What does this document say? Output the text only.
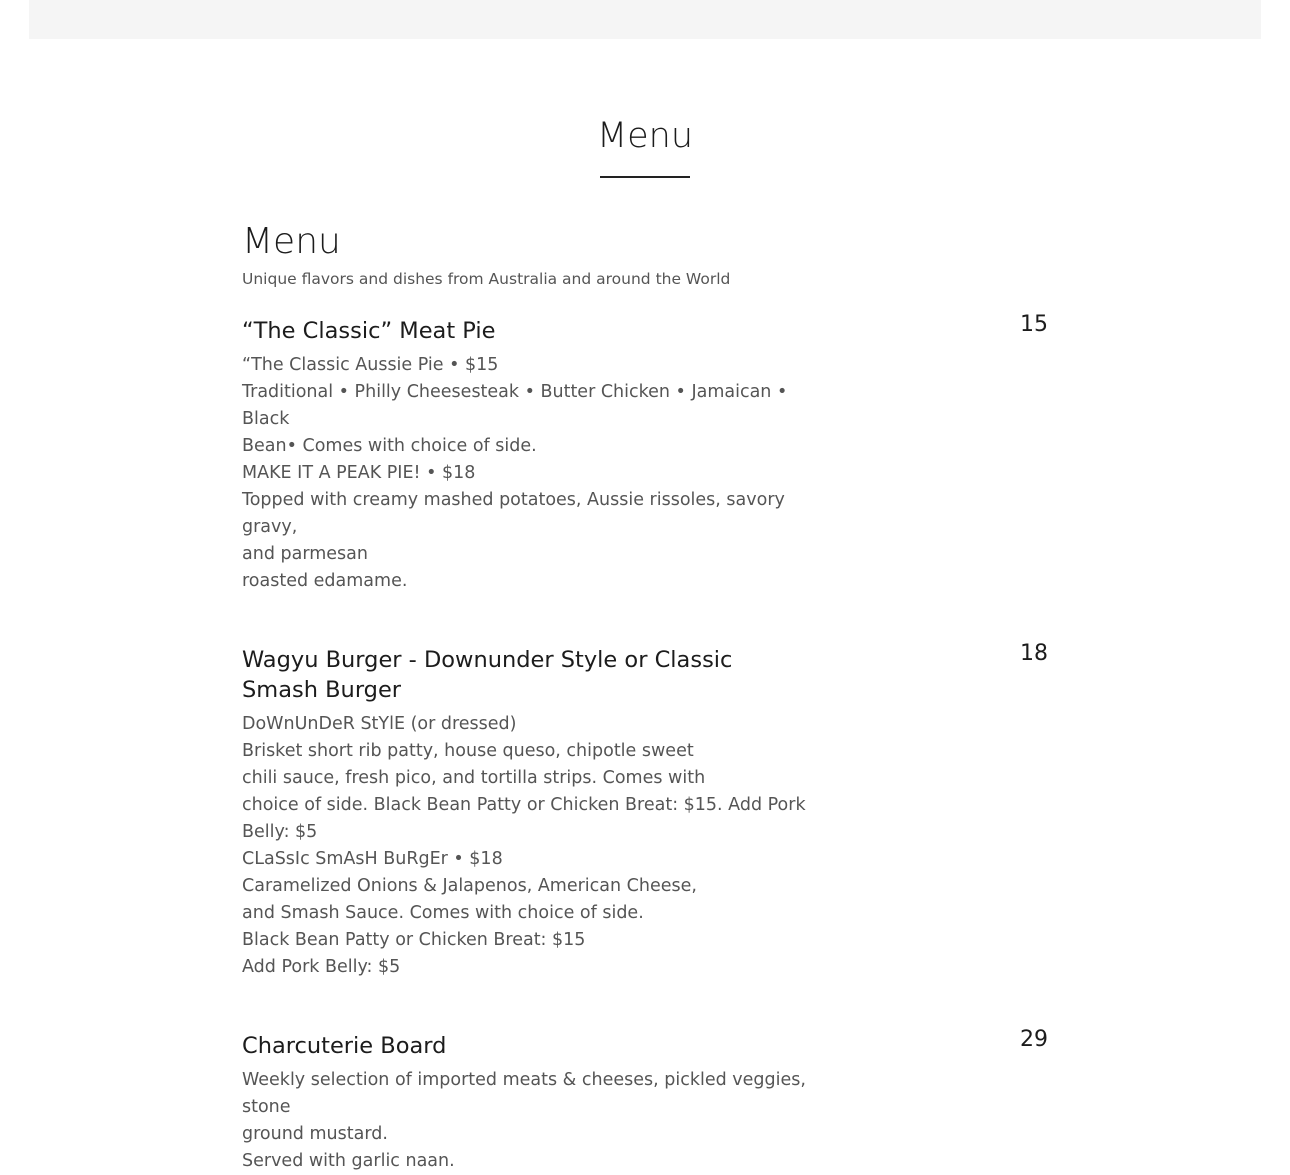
Menu
Menu
Unique flavors and dishes from Australia and around the World
“The Classic” Meat Pie	15
“The Classic Aussie Pie • $15
Traditional • Philly Cheesesteak • Butter Chicken • Jamaican • Black
Bean• Comes with choice of side.
MAKE IT A PEAK PIE! • $18
Topped with creamy mashed potatoes, Aussie rissoles, savory gravy,
and parmesan
roasted edamame.
Wagyu Burger - Downunder Style or Classic Smash Burger
18
DoWnUnDeR StYlE (or dressed)
Brisket short rib patty, house queso, chipotle sweet
chili sauce, fresh pico, and tortilla strips. Comes with
choice of side. Black Bean Patty or Chicken Breat: $15. Add Pork
Belly: $5
CLaSsIc SmAsH BuRgEr • $18
Caramelized Onions & Jalapenos, American Cheese,
and Smash Sauce. Comes with choice of side.
Black Bean Patty or Chicken Breat: $15
Add Pork Belly: $5
Charcuterie Board	29
Weekly selection of imported meats & cheeses, pickled veggies, stone
ground mustard.
Served with garlic naan.
